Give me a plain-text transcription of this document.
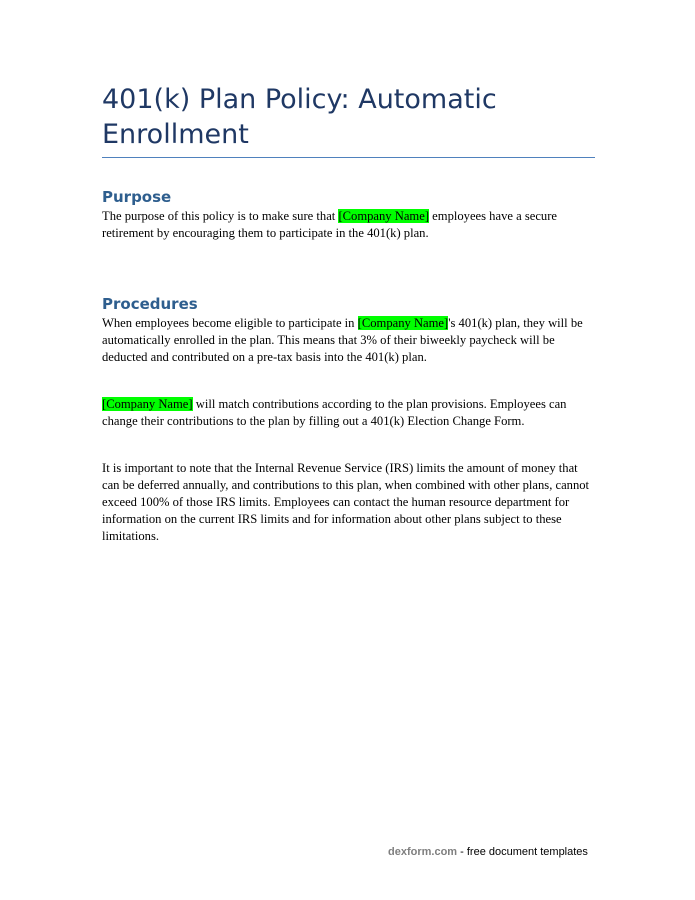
401(k) Plan Policy: Automatic
Enrollment
Purpose

The purpose of this policy is to make sure that [Company Name] employees have a secure retirement by encouraging them to participate in the 401(k) plan.

Procedures

When employees become eligible to participate in [Company Name]'s 401(k) plan, they will be automatically enrolled in the plan. This means that 3% of their biweekly paycheck will be deducted and contributed on a pre-tax basis into the 401(k) plan.

[Company Name] will match contributions according to the plan provisions. Employees can change their contributions to the plan by filling out a 401(k) Election Change Form.

It is important to note that the Internal Revenue Service (IRS) limits the amount of money that can be deferred annually, and contributions to this plan, when combined with other plans, cannot exceed 100% of those IRS limits. Employees can contact the human resource department for information on the current IRS limits and for information about other plans subject to these limitations.

dexform.com - free document templates
